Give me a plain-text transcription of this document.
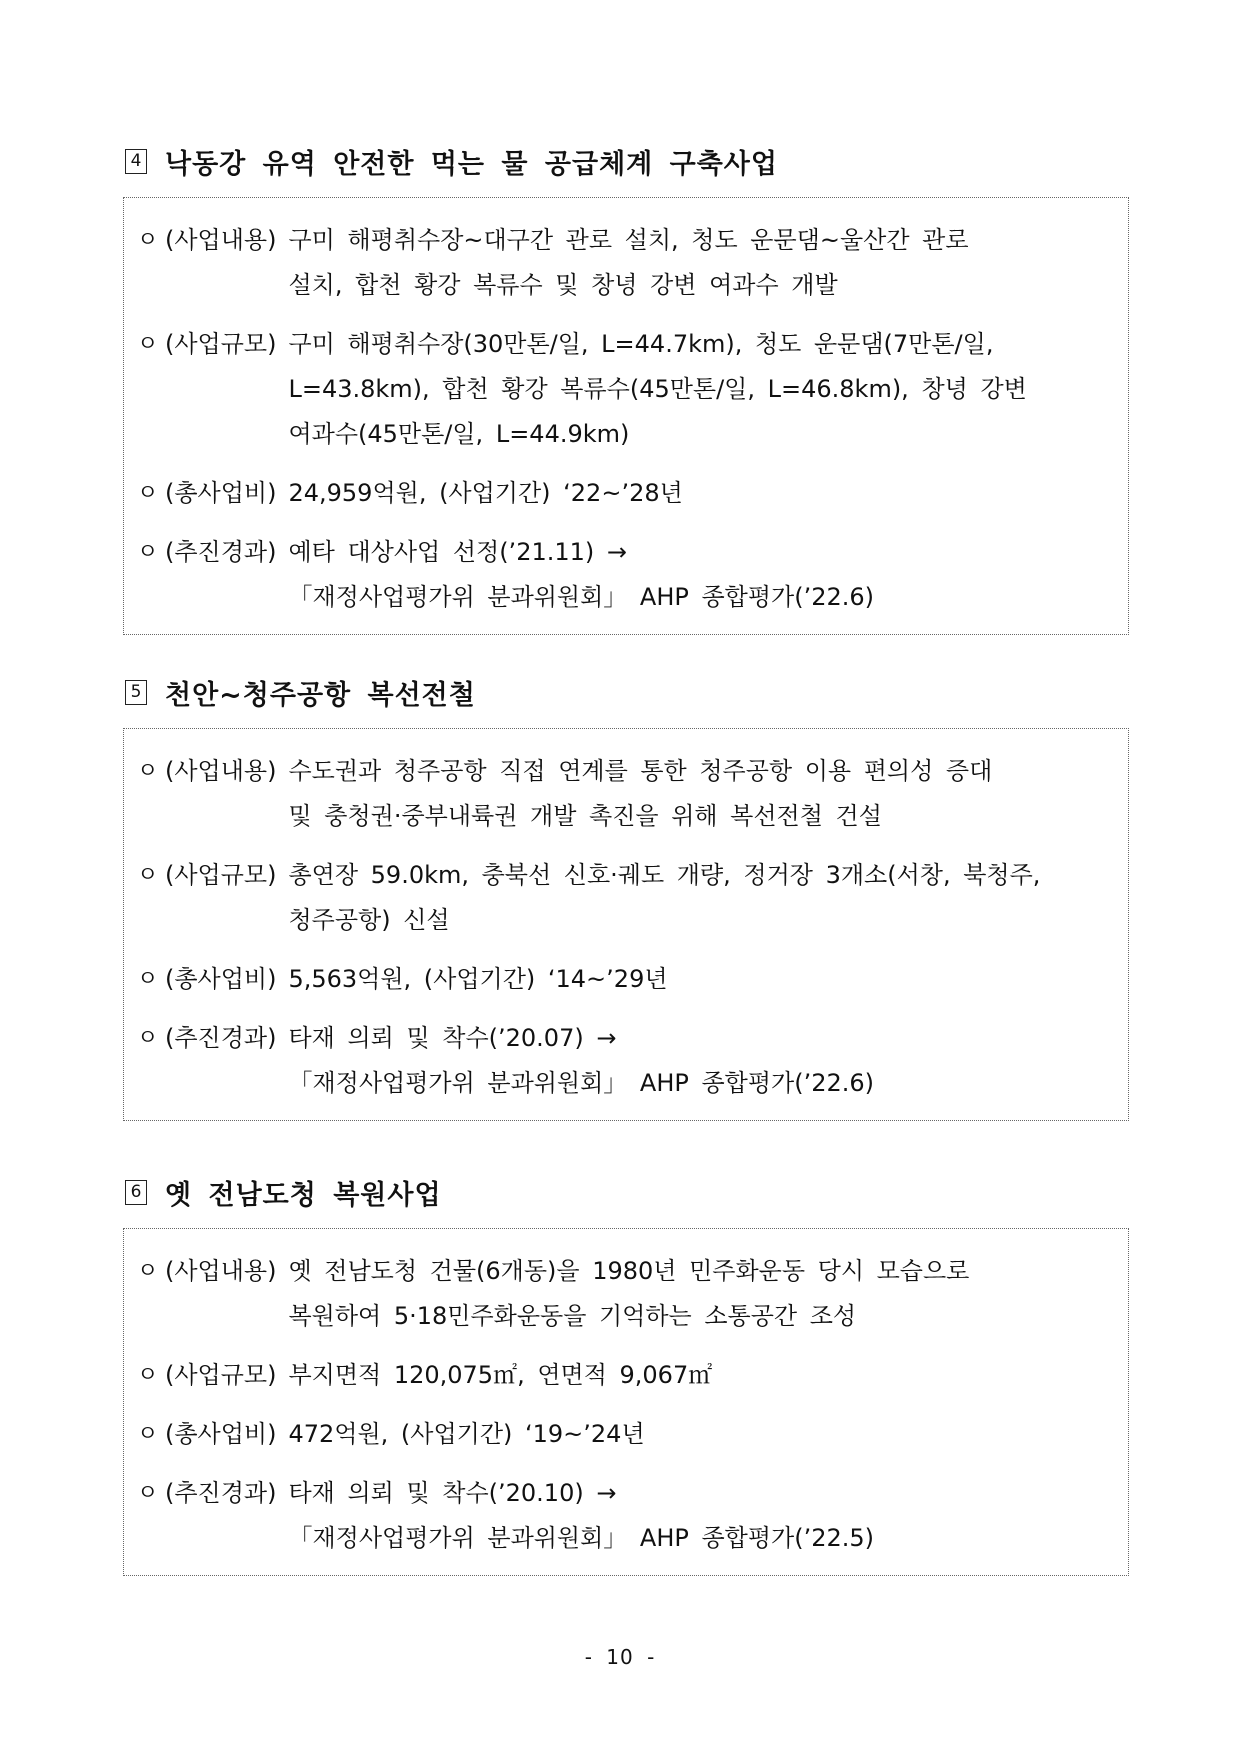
4 낙동강 유역 안전한 먹는 물 공급체계 구축사업
ㅇ (사업내용) 구미 해평취수장~대구간 관로 설치, 청도 운문댐~울산간 관로
설치, 합천 황강 복류수 및 창녕 강변 여과수 개발
ㅇ (사업규모) 구미 해평취수장(30만톤/일, L=44.7km), 청도 운문댐(7만톤/일,
L=43.8km), 합천 황강 복류수(45만톤/일, L=46.8km), 창녕 강변
여과수(45만톤/일, L=44.9km)
ㅇ (총사업비) 24,959억원, (사업기간) ‘22~’28년
ㅇ (추진경과) 예타 대상사업 선정(’21.11) →
「재정사업평가위 분과위원회」 AHP 종합평가(’22.6)
5 천안~청주공항 복선전철
ㅇ (사업내용) 수도권과 청주공항 직접 연계를 통한 청주공항 이용 편의성 증대
및 충청권·중부내륙권 개발 촉진을 위해 복선전철 건설
ㅇ (사업규모) 총연장 59.0km, 충북선 신호·궤도 개량, 정거장 3개소(서창, 북청주,
청주공항) 신설
ㅇ (총사업비) 5,563억원, (사업기간) ‘14~’29년
ㅇ (추진경과) 타재 의뢰 및 착수(’20.07) →
「재정사업평가위 분과위원회」 AHP 종합평가(’22.6)
6 옛 전남도청 복원사업
ㅇ (사업내용) 옛 전남도청 건물(6개동)을 1980년 민주화운동 당시 모습으로
복원하여 5·18민주화운동을 기억하는 소통공간 조성
ㅇ (사업규모) 부지면적 120,075㎡, 연면적 9,067㎡
ㅇ (총사업비) 472억원, (사업기간) ‘19~’24년
ㅇ (추진경과) 타재 의뢰 및 착수(’20.10) →
「재정사업평가위 분과위원회」 AHP 종합평가(’22.5)
- 10 -
